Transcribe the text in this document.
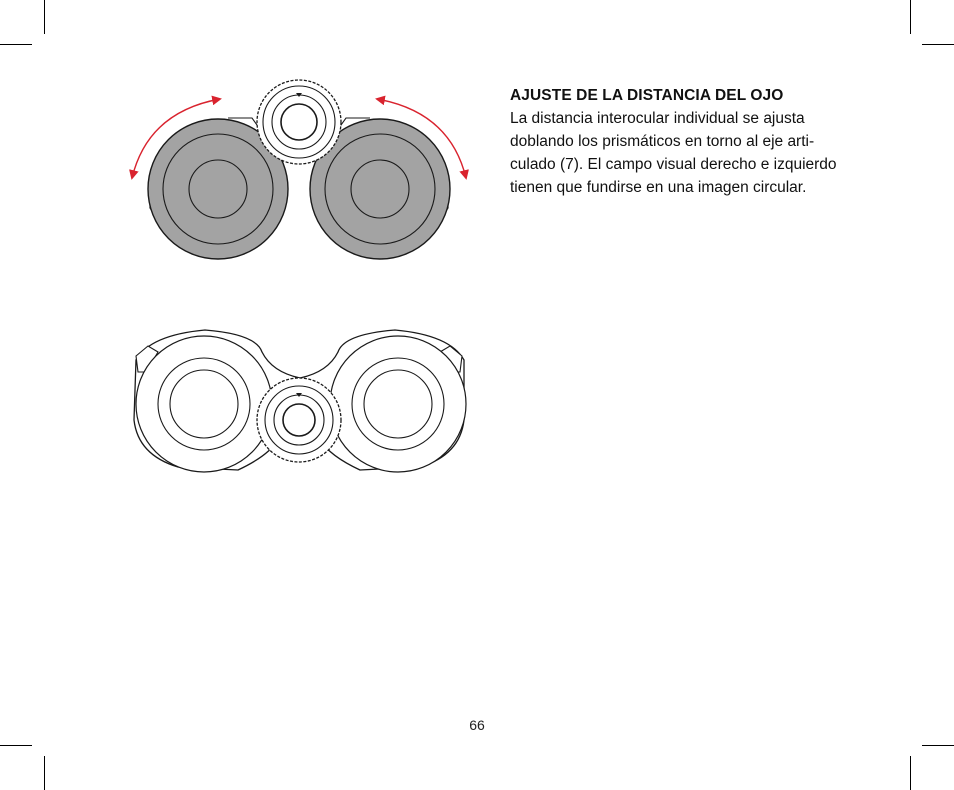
AJUSTE DE LA DISTANCIA DEL OJO
La distancia interocular individual se ajusta
doblando los prismáticos en torno al eje arti-
culado (7). El campo visual derecho e izquierdo
tienen que fundirse en una imagen circular.
66
